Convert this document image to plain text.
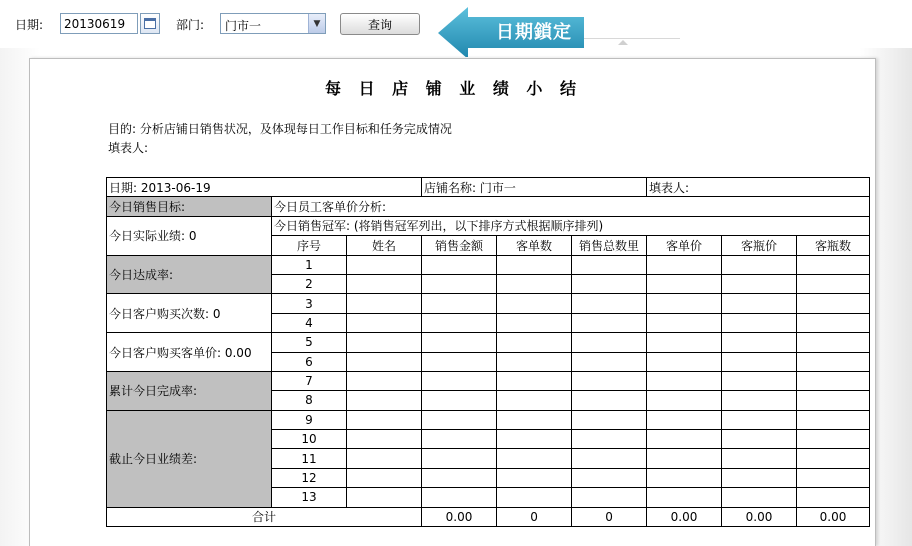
日期:
20130619	部门:	门市一	▼	查询	日期鎖定
每 日 店 铺 业 绩 小 结
目的: 分析店铺日销售状况，及体现每日工作目标和任务完成情况
填表人:
日期: 2013-06-19			店铺名称: 门市一			填表人:		
今日销售目标:	今日员工客单价分析:							
今日实际业绩: 0	今日销售冠军: (将销售冠军列出，以下排序方式根据顺序排列)							
	序号	姓名	销售金额	客单数	销售总数里	客单价	客瓶价	客瓶数
今日达成率:	1							
	2							
今日客户购买次数: 0	3							
	4							
今日客户购买客单价: 0.00	5							
	6							
累计今日完成率:	7							
	8							
截止今日业绩差:	9							
	10							
	11							
	12							
	13							
合计			0.00	0	0	0.00	0.00	0.00
